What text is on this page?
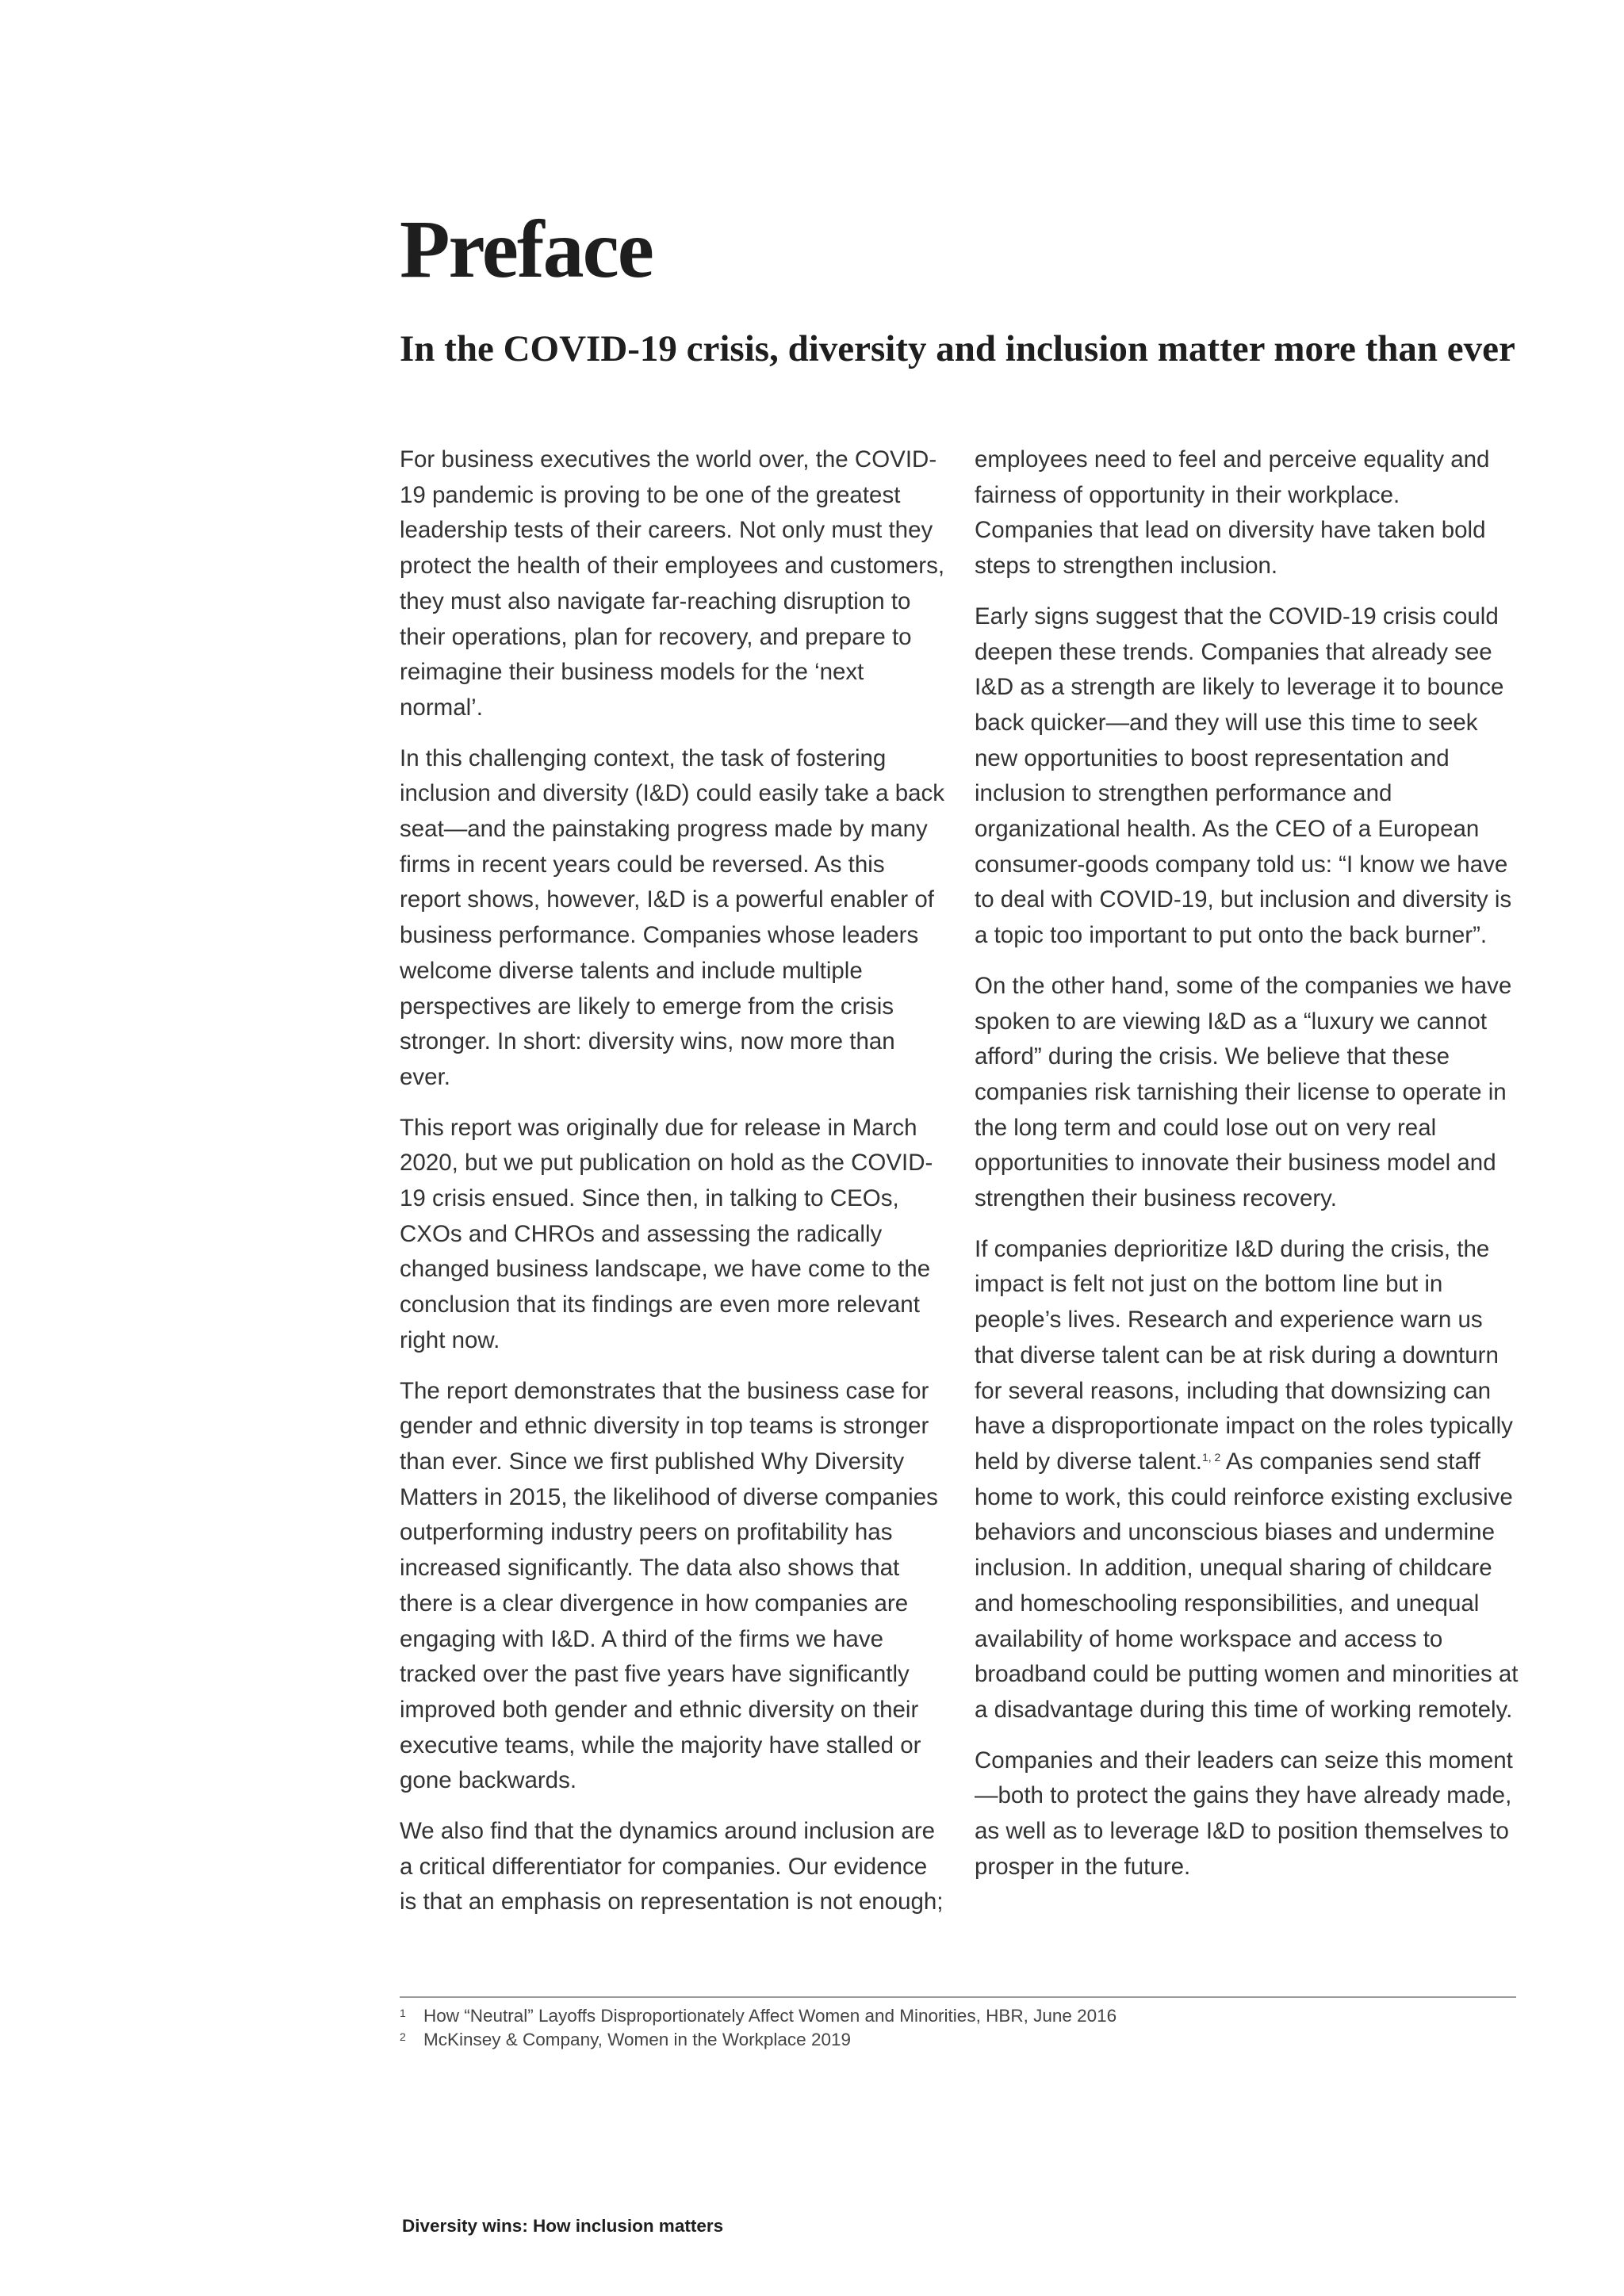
Preface
In the COVID-19 crisis, diversity and inclusion matter more than ever

For business executives the world over, the COVID-19 pandemic is proving to be one of the greatest leadership tests of their careers. Not only must they protect the health of their employees and customers, they must also navigate far-reaching disruption to their operations, plan for recovery, and prepare to reimagine their business models for the ‘next normal’.

In this challenging context, the task of fostering inclusion and diversity (I&D) could easily take a back seat—and the painstaking progress made by many firms in recent years could be reversed. As this report shows, however, I&D is a powerful enabler of business performance. Companies whose leaders welcome diverse talents and include multiple perspectives are likely to emerge from the crisis stronger. In short: diversity wins, now more than ever.

This report was originally due for release in March 2020, but we put publication on hold as the COVID-19 crisis ensued. Since then, in talking to CEOs, CXOs and CHROs and assessing the radically changed business landscape, we have come to the conclusion that its findings are even more relevant right now.

The report demonstrates that the business case for gender and ethnic diversity in top teams is stronger than ever. Since we first published Why Diversity Matters in 2015, the likelihood of diverse companies outperforming industry peers on profitability has increased significantly. The data also shows that there is a clear divergence in how companies are engaging with I&D. A third of the firms we have tracked over the past five years have significantly improved both gender and ethnic diversity on their executive teams, while the majority have stalled or gone backwards.

We also find that the dynamics around inclusion are a critical differentiator for companies. Our evidence is that an emphasis on representation is not enough;

employees need to feel and perceive equality and fairness of opportunity in their workplace. Companies that lead on diversity have taken bold steps to strengthen inclusion.

Early signs suggest that the COVID-19 crisis could deepen these trends. Companies that already see I&D as a strength are likely to leverage it to bounce back quicker—and they will use this time to seek new opportunities to boost representation and inclusion to strengthen performance and organizational health. As the CEO of a European consumer-goods company told us: “I know we have to deal with COVID-19, but inclusion and diversity is a topic too important to put onto the back burner”.

On the other hand, some of the companies we have spoken to are viewing I&D as a “luxury we cannot afford” during the crisis. We believe that these companies risk tarnishing their license to operate in the long term and could lose out on very real opportunities to innovate their business model and strengthen their business recovery.

If companies deprioritize I&D during the crisis, the impact is felt not just on the bottom line but in people’s lives. Research and experience warn us that diverse talent can be at risk during a downturn for several reasons, including that downsizing can have a disproportionate impact on the roles typically held by diverse talent.$^{1, 2}$ As companies send staff home to work, this could reinforce existing exclusive behaviors and unconscious biases and undermine inclusion. In addition, unequal sharing of childcare and homeschooling responsibilities, and unequal availability of home workspace and access to broadband could be putting women and minorities at a disadvantage during this time of working remotely.

Companies and their leaders can seize this moment—both to protect the gains they have already made, as well as to leverage I&D to position themselves to prosper in the future.

1 How “Neutral” Layoffs Disproportionately Affect Women and Minorities, HBR, June 2016
2 McKinsey & Company, Women in the Workplace 2019

Diversity wins: How inclusion matters
